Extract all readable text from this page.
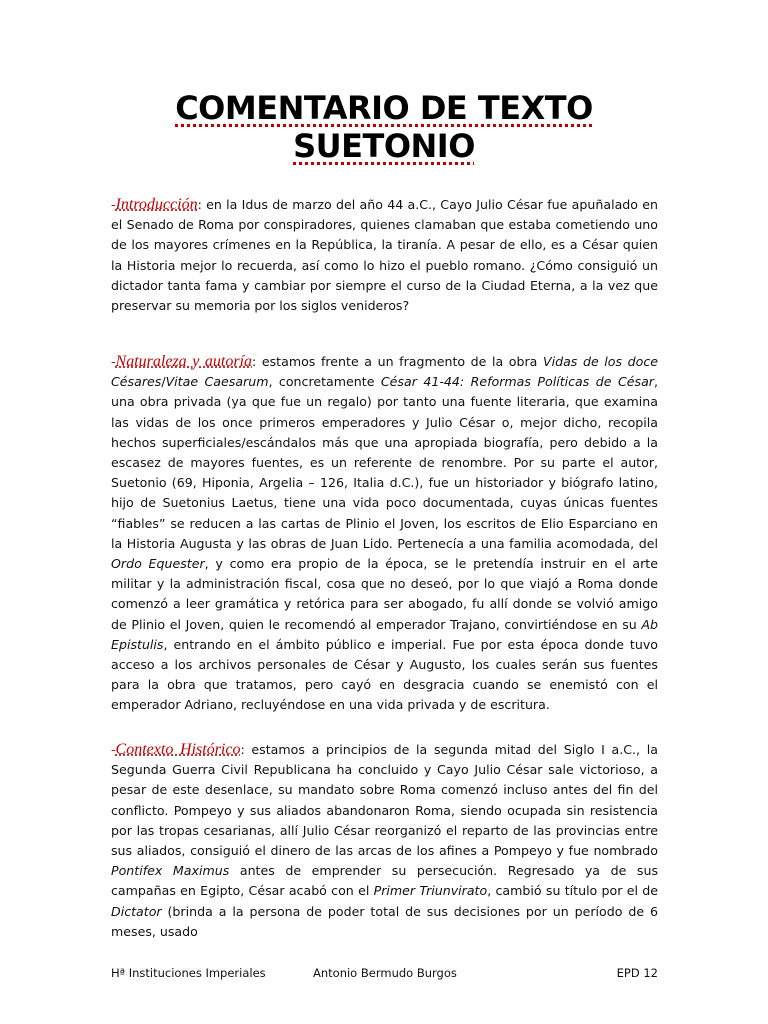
COMENTARIO DE TEXTO
SUETONIO

-Introducción: en la Idus de marzo del año 44 a.C., Cayo Julio César fue apuñalado en el Senado de Roma por conspiradores, quienes clamaban que estaba cometiendo uno de los mayores crímenes en la República, la tiranía. A pesar de ello, es a César quien la Historia mejor lo recuerda, así como lo hizo el pueblo romano. ¿Cómo consiguió un dictador tanta fama y cambiar por siempre el curso de la Ciudad Eterna, a la vez que preservar su memoria por los siglos venideros?

-Naturaleza y autoría: estamos frente a un fragmento de la obra Vidas de los doce Césares/Vitae Caesarum, concretamente César 41-44: Reformas Políticas de César, una obra privada (ya que fue un regalo) por tanto una fuente literaria, que examina las vidas de los once primeros emperadores y Julio César o, mejor dicho, recopila hechos superficiales/escándalos más que una apropiada biografía, pero debido a la escasez de mayores fuentes, es un referente de renombre. Por su parte el autor, Suetonio (69, Hiponia, Argelia – 126, Italia d.C.), fue un historiador y biógrafo latino, hijo de Suetonius Laetus, tiene una vida poco documentada, cuyas únicas fuentes “fiables” se reducen a las cartas de Plinio el Joven, los escritos de Elio Esparciano en la Historia Augusta y las obras de Juan Lido. Pertenecía a una familia acomodada, del Ordo Equester, y como era propio de la época, se le pretendía instruir en el arte militar y la administración fiscal, cosa que no deseó, por lo que viajó a Roma donde comenzó a leer gramática y retórica para ser abogado, fu allí donde se volvió amigo de Plinio el Joven, quien le recomendó al emperador Trajano, convirtiéndose en su Ab Epistulis, entrando en el ámbito público e imperial. Fue por esta época donde tuvo acceso a los archivos personales de César y Augusto, los cuales serán sus fuentes para la obra que tratamos, pero cayó en desgracia cuando se enemistó con el emperador Adriano, recluyéndose en una vida privada y de escritura.

-Contexto Histórico: estamos a principios de la segunda mitad del Siglo I a.C., la Segunda Guerra Civil Republicana ha concluido y Cayo Julio César sale victorioso, a pesar de este desenlace, su mandato sobre Roma comenzó incluso antes del fin del conflicto. Pompeyo y sus aliados abandonaron Roma, siendo ocupada sin resistencia por las tropas cesarianas, allí Julio César reorganizó el reparto de las provincias entre sus aliados, consiguió el dinero de las arcas de los afines a Pompeyo y fue nombrado Pontifex Maximus antes de emprender su persecución. Regresado ya de sus campañas en Egipto, César acabó con el Primer Triunvirato, cambió su título por el de Dictator (brinda a la persona de poder total de sus decisiones por un período de 6 meses, usado

Hª Instituciones Imperiales	Antonio Bermudo Burgos	EPD 12
